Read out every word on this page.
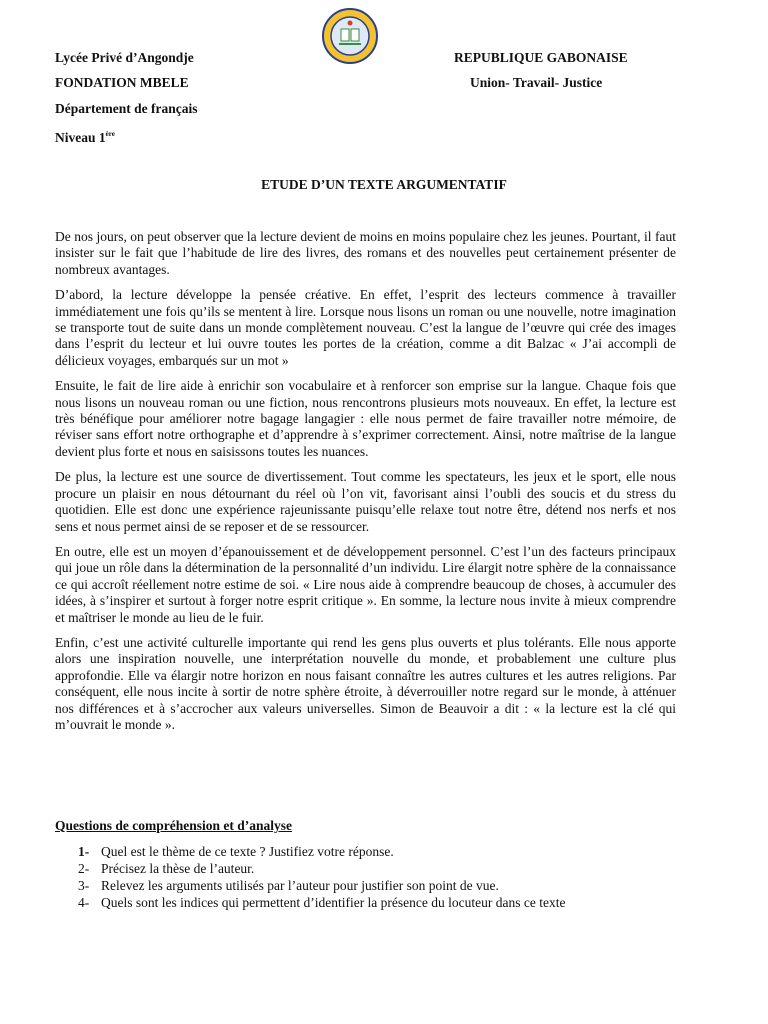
Lycée Privé d’Angondje
FONDATION MBELE
Département de français
Niveau 1ère
REPUBLIQUE GABONAISE
Union- Travail- Justice
ETUDE D’UN TEXTE ARGUMENTATIF

De nos jours, on peut observer que la lecture devient de moins en moins populaire chez les jeunes. Pourtant, il faut insister sur le fait que l’habitude de lire des livres, des romans et des nouvelles peut certainement présenter de nombreux avantages.

D’abord, la lecture développe la pensée créative. En effet, l’esprit des lecteurs commence à travailler immédiatement une fois qu’ils se mentent à lire. Lorsque nous lisons un roman ou une nouvelle, notre imagination se transporte tout de suite dans un monde complètement nouveau. C’est la langue de l’œuvre qui crée des images dans l’esprit du lecteur et lui ouvre toutes les portes de la création, comme a dit Balzac « J’ai accompli de délicieux voyages, embarqués sur un mot »

Ensuite, le fait de lire aide à enrichir son vocabulaire et à renforcer son emprise sur la langue. Chaque fois que nous lisons un nouveau roman ou une fiction, nous rencontrons plusieurs mots nouveaux. En effet, la lecture est très bénéfique pour améliorer notre bagage langagier : elle nous permet de faire travailler notre mémoire, de réviser sans effort notre orthographe et d’apprendre à s’exprimer correctement. Ainsi, notre maîtrise de la langue devient plus forte et nous en saisissons toutes les nuances.

De plus, la lecture est une source de divertissement. Tout comme les spectateurs, les jeux et le sport, elle nous procure un plaisir en nous détournant du réel où l’on vit, favorisant ainsi l’oubli des soucis et du stress du quotidien. Elle est donc une expérience rajeunissante puisqu’elle relaxe tout notre être, détend nos nerfs et nos sens et nous permet ainsi de se reposer et de se ressourcer.

En outre, elle est un moyen d’épanouissement et de développement personnel. C’est l’un des facteurs principaux qui joue un rôle dans la détermination de la personnalité d’un individu. Lire élargit notre sphère de la connaissance ce qui accroît réellement notre estime de soi. « Lire nous aide à comprendre beaucoup de choses, à accumuler des idées, à s’inspirer et surtout à forger notre esprit critique ». En somme, la lecture nous invite à mieux comprendre et maîtriser le monde au lieu de le fuir.

Enfin, c’est une activité culturelle importante qui rend les gens plus ouverts et plus tolérants. Elle nous apporte alors une inspiration nouvelle, une interprétation nouvelle du monde, et probablement une culture plus approfondie. Elle va élargir notre horizon en nous faisant connaître les autres cultures et les autres religions. Par conséquent, elle nous incite à sortir de notre sphère étroite, à déverrouiller notre regard sur le monde, à atténuer nos différences et à s’accrocher aux valeurs universelles. Simon de Beauvoir a dit : « la lecture est la clé qui m’ouvrait le monde ».

Questions de compréhension et d’analyse
1- Quel est le thème de ce texte ? Justifiez votre réponse.
2- Précisez la thèse de l’auteur.
3- Relevez les arguments utilisés par l’auteur pour justifier son point de vue.
4- Quels sont les indices qui permettent d’identifier la présence du locuteur dans ce texte
